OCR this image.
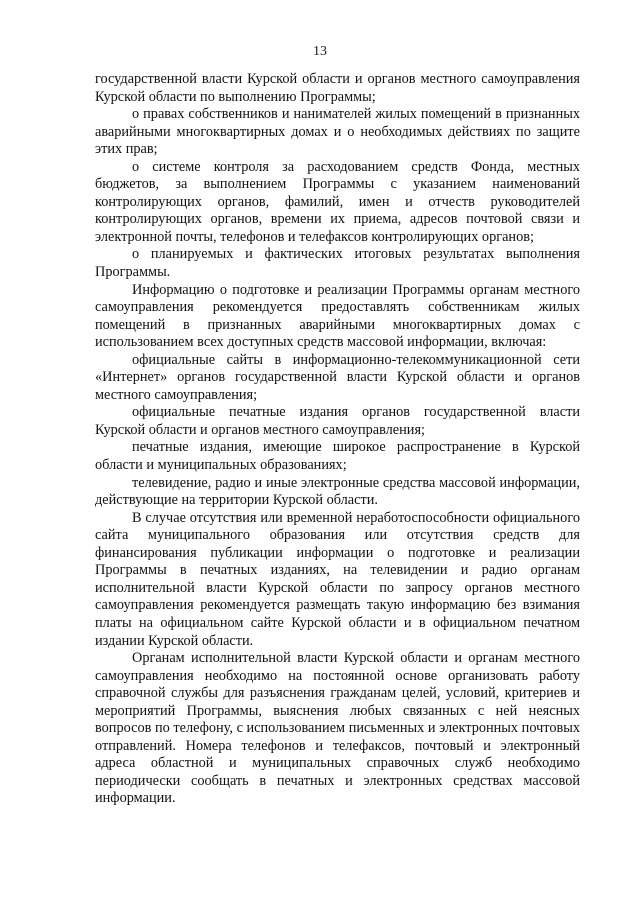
13

государственной власти Курской области и органов местного самоуправления Курской области по выполнению Программы;

о правах собственников и нанимателей жилых помещений в признанных аварийными многоквартирных домах и о необходимых действиях по защите этих прав;

о системе контроля за расходованием средств Фонда, местных бюджетов, за выполнением Программы с указанием наименований контролирующих органов, фамилий, имен и отчеств руководителей контролирующих органов, времени их приема, адресов почтовой связи и электронной почты, телефонов и телефаксов контролирующих органов;

о планируемых и фактических итоговых результатах выполнения Программы.

Информацию о подготовке и реализации Программы органам местного самоуправления рекомендуется предоставлять собственникам жилых помещений в признанных аварийными многоквартирных домах с использованием всех доступных средств массовой информации, включая:

официальные сайты в информационно-телекоммуникационной сети «Интернет» органов государственной власти Курской области и органов местного самоуправления;

официальные печатные издания органов государственной власти Курской области и органов местного самоуправления;

печатные издания, имеющие широкое распространение в Курской области и муниципальных образованиях;

телевидение, радио и иные электронные средства массовой информации, действующие на территории Курской области.

В случае отсутствия или временной неработоспособности официального сайта муниципального образования или отсутствия средств для финансирования публикации информации о подготовке и реализации Программы в печатных изданиях, на телевидении и радио органам исполнительной власти Курской области по запросу органов местного самоуправления рекомендуется размещать такую информацию без взимания платы на официальном сайте Курской области и в официальном печатном издании Курской области.

Органам исполнительной власти Курской области и органам местного самоуправления необходимо на постоянной основе организовать работу справочной службы для разъяснения гражданам целей, условий, критериев и мероприятий Программы, выяснения любых связанных с ней неясных вопросов по телефону, с использованием письменных и электронных почтовых отправлений. Номера телефонов и телефаксов, почтовый и электронный адреса областной и муниципальных справочных служб необходимо периодически сообщать в печатных и электронных средствах массовой информации.
